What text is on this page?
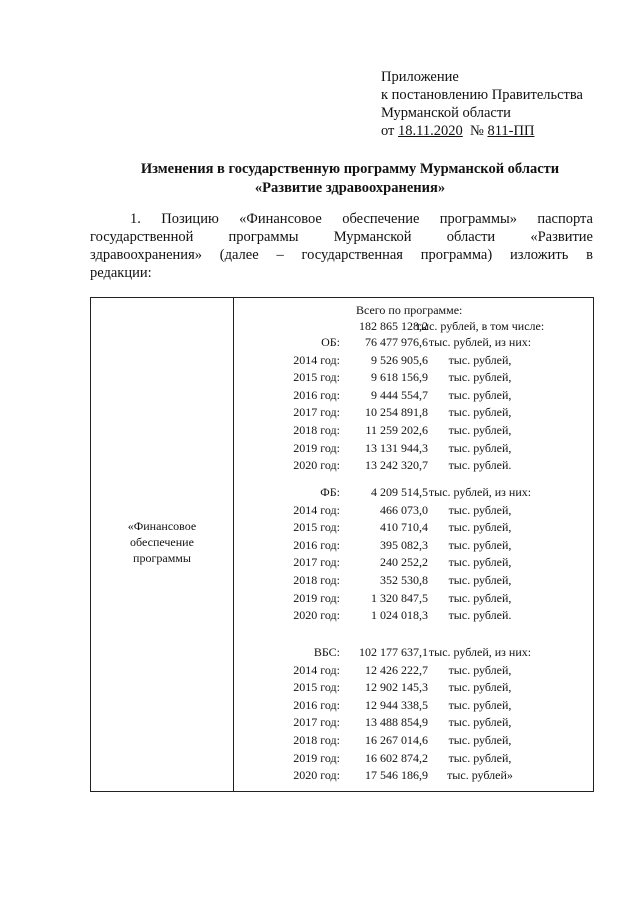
Приложение
к постановлению Правительства
Мурманской области
от 18.11.2020 № 811-ПП
Изменения в государственную программу Мурманской области
«Развитие здравоохранения»
1. Позицию «Финансовое обеспечение программы» паспорта
государственной программы Мурманской области «Развитие
здравоохранения» (далее – государственная программа) изложить в
редакции:
«Финансовое
обеспечение
программы
Всего по программе:
182 865 128,2
тыс. рублей, в том числе:
ОБ: 76 477 976,6 тыс. рублей, из них:
2014 год:	9 526 905,6	тыс. рублей,
2015 год:	9 618 156,9	тыс. рублей,
2016 год:	9 444 554,7	тыс. рублей,
2017 год: 10 254 891,8	тыс. рублей,
2018 год: 11 259 202,6	тыс. рублей,
2019 год: 13 131 944,3	тыс. рублей,
2020 год: 13 242 320,7	тыс. рублей.
ФБ:	4 209 514,5 тыс. рублей, из них:
2014 год:	466 073,0	тыс. рублей,
2015 год:	410 710,4	тыс. рублей,
2016 год:	395 082,3	тыс. рублей,
2017 год:	240 252,2	тыс. рублей,
2018 год:	352 530,8	тыс. рублей,
2019 год:	1 320 847,5	тыс. рублей,
2020 год:	1 024 018,3	тыс. рублей.
ВБС: 102 177 637,1 тыс. рублей, из них:
2014 год: 12 426 222,7	тыс. рублей,
2015 год: 12 902 145,3	тыс. рублей,
2016 год: 12 944 338,5	тыс. рублей,
2017 год: 13 488 854,9	тыс. рублей,
2018 год: 16 267 014,6	тыс. рублей,
2019 год: 16 602 874,2	тыс. рублей,
2020 год: 17 546 186,9	тыс. рублей»
